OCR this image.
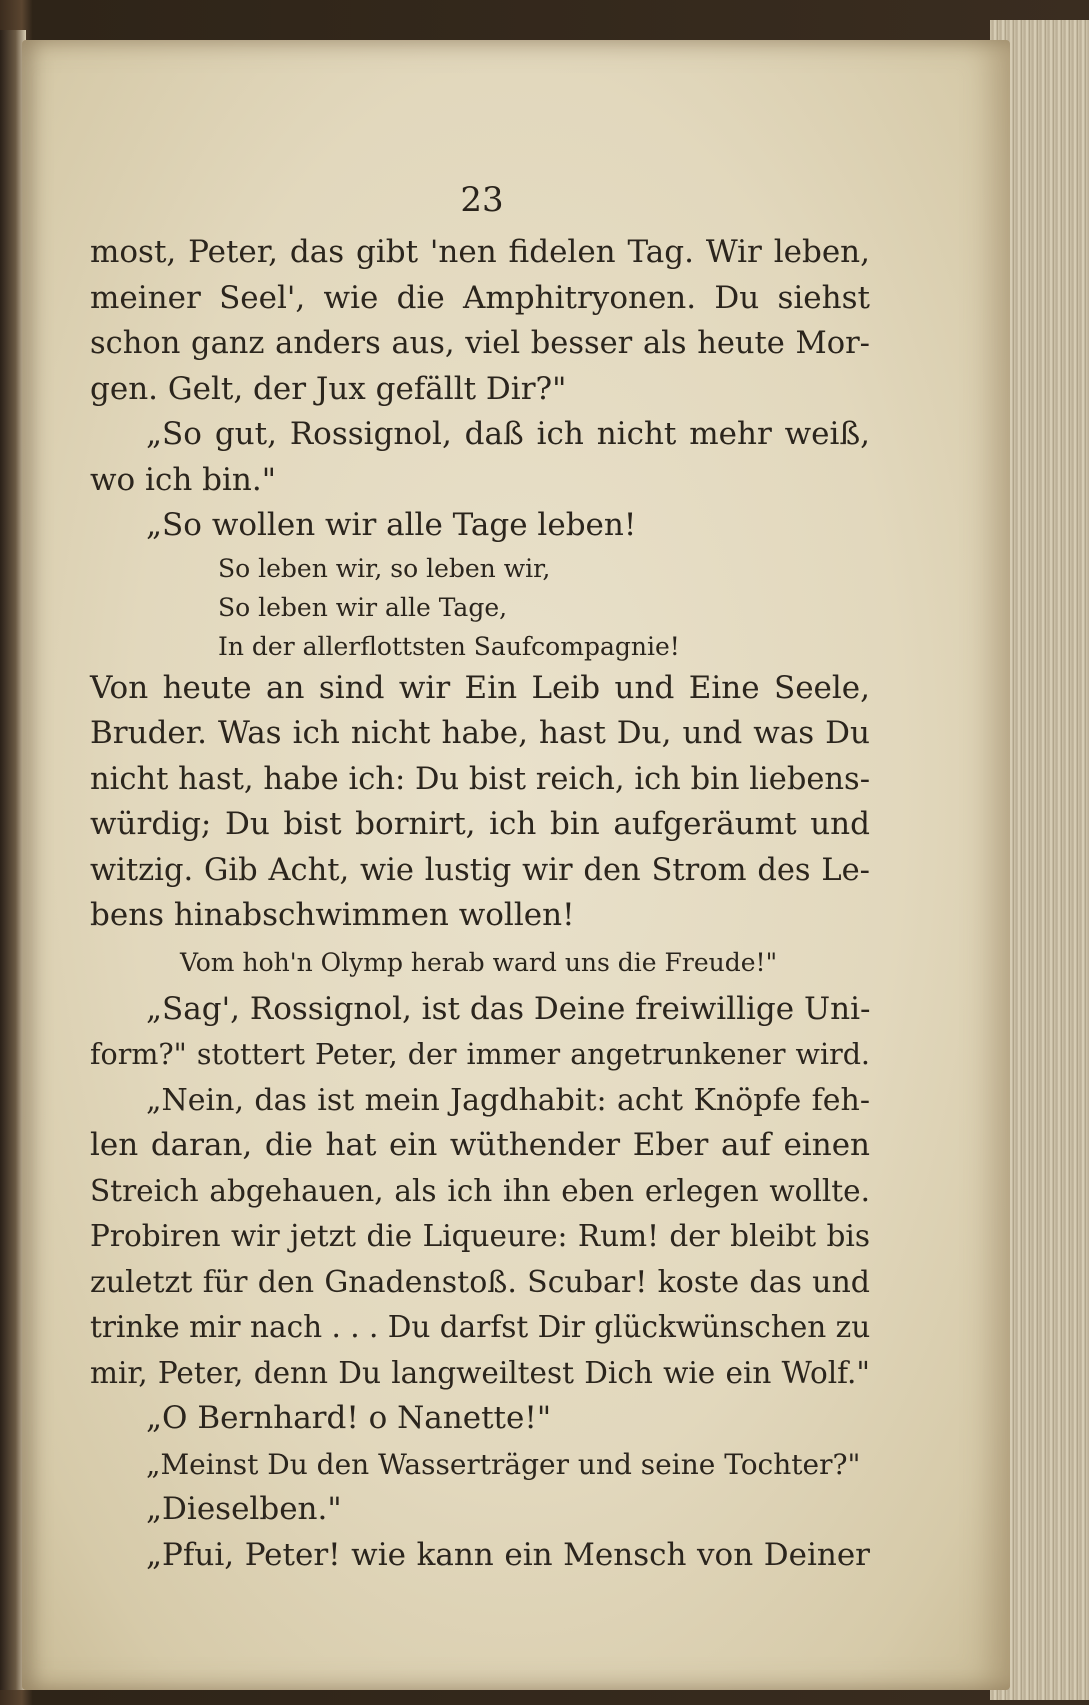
23
most, Peter, das gibt 'nen fidelen Tag. Wir leben,
meiner Seel', wie die Amphitryonen. Du siehst
schon ganz anders aus, viel besser als heute Mor-
gen. Gelt, der Jux gefällt Dir?"
„So gut, Rossignol, daß ich nicht mehr weiß,
wo ich bin."
„So wollen wir alle Tage leben!
So leben wir, so leben wir,
So leben wir alle Tage,
In der allerflottsten Saufcompagnie!
Von heute an sind wir Ein Leib und Eine Seele,
Bruder. Was ich nicht habe, hast Du, und was Du
nicht hast, habe ich: Du bist reich, ich bin liebens-
würdig; Du bist bornirt, ich bin aufgeräumt und
witzig. Gib Acht, wie lustig wir den Strom des Le-
bens hinabschwimmen wollen!
Vom hoh'n Olymp herab ward uns die Freude!"
„Sag', Rossignol, ist das Deine freiwillige Uni-
form?" stottert Peter, der immer angetrunkener wird.
„Nein, das ist mein Jagdhabit: acht Knöpfe feh-
len daran, die hat ein wüthender Eber auf einen
Streich abgehauen, als ich ihn eben erlegen wollte.
Probiren wir jetzt die Liqueure: Rum! der bleibt bis
zuletzt für den Gnadenstoß. Scubar! koste das und
trinke mir nach . . . Du darfst Dir glückwünschen zu
mir, Peter, denn Du langweiltest Dich wie ein Wolf."
„O Bernhard! o Nanette!"
„Meinst Du den Wasserträger und seine Tochter?"
„Dieselben."
„Pfui, Peter! wie kann ein Mensch von Deiner
